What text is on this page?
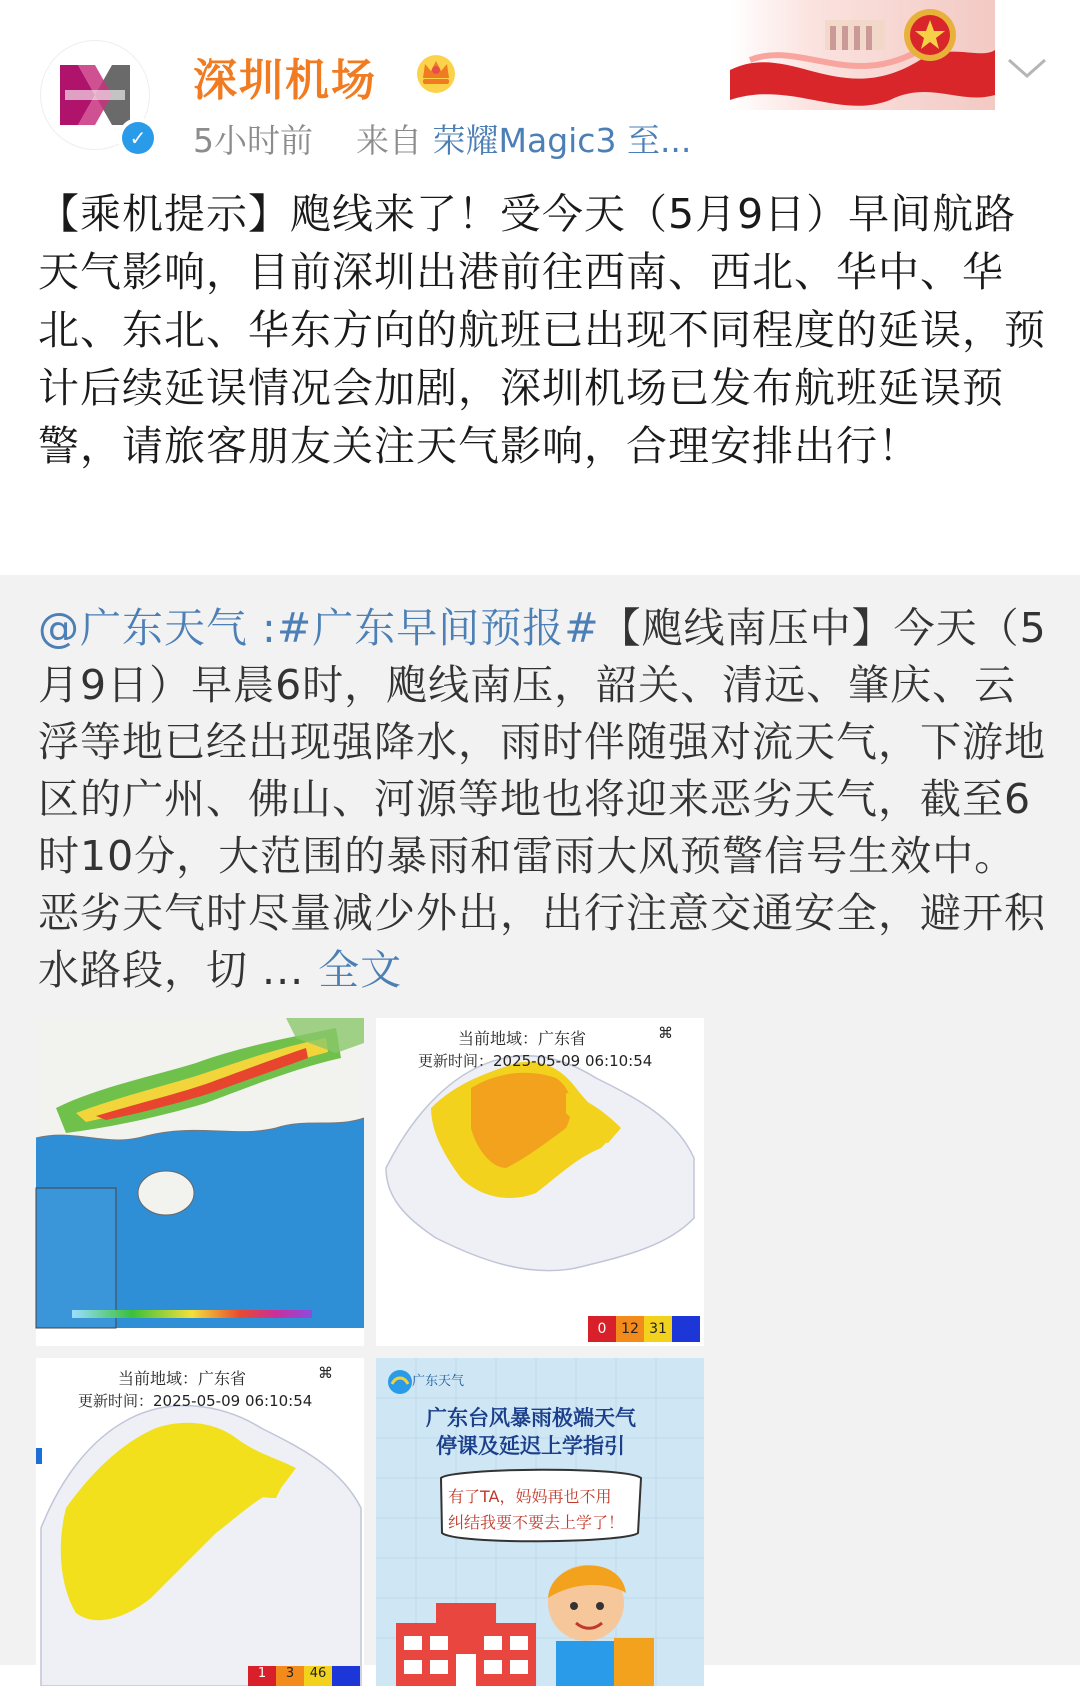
✓
深圳机场
5小时前 来自 荣耀Magic3 至...
【乘机提示】飑线来了！受今天（5月9日）早间航路天气影响，目前深圳出港前往西南、西北、华中、华北、东北、华东方向的航班已出现不同程度的延误，预计后续延误情况会加剧，深圳机场已发布航班延误预警，请旅客朋友关注天气影响，合理安排出行！
@广东天气 :#广东早间预报#【飑线南压中】今天（5月9日）早晨6时，飑线南压，韶关、清远、肇庆、云浮等地已经出现强降水，雨时伴随强对流天气，下游地区的广州、佛山、河源等地也将迎来恶劣天气，截至6时10分，大范围的暴雨和雷雨大风预警信号生效中。恶劣天气时尽量减少外出，出行注意交通安全，避开积水路段，切 ... 全文
当前地域：广东省
更新时间：2025-05-09 06:10:54
⌘
0	12 31
当前地域：广东省
更新时间：2025-05-09 06:10:54
⌘
1	3	46
广东天气
广东台风暴雨极端天气
停课及延迟上学指引
有了TA，妈妈再也不用
纠结我要不要去上学了！
